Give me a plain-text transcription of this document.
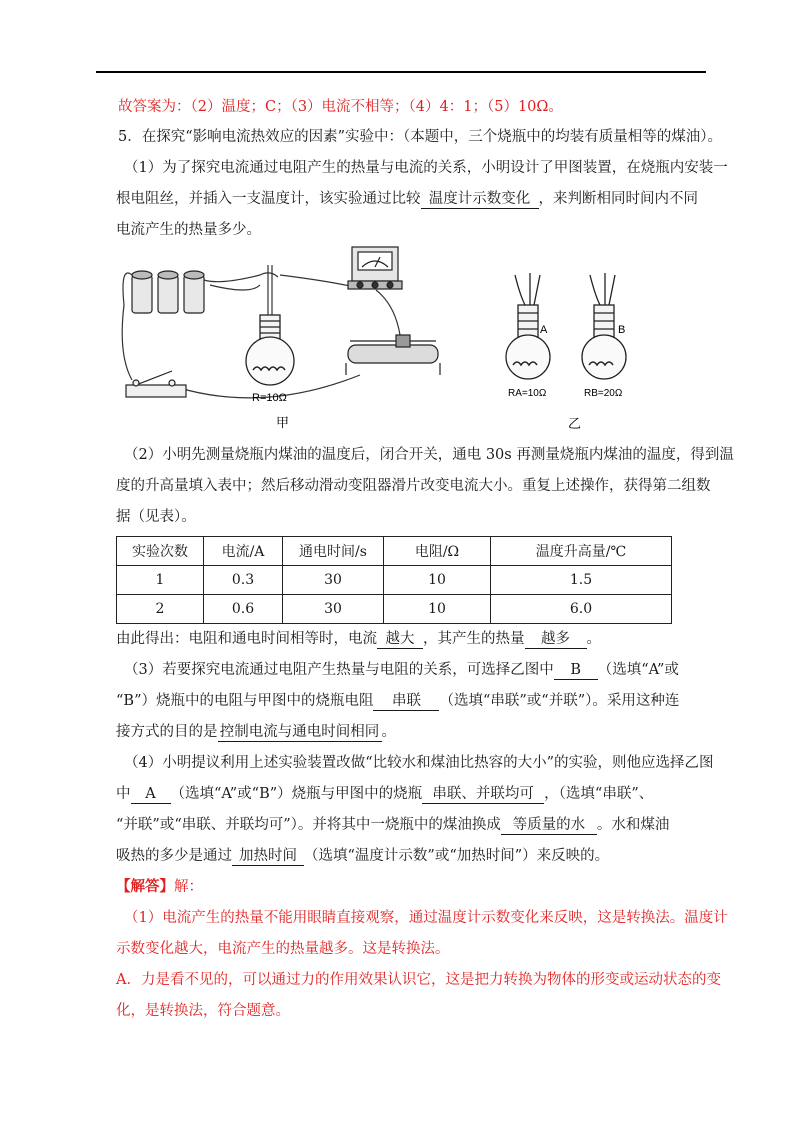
故答案为：（2）温度；C；（3）电流不相等；（4）4：1；（5）10Ω。
5．在探究“影响电流热效应的因素”实验中：（本题中，三个烧瓶中的均装有质量相等的煤油）。
（1）为了探究电流通过电阻产生的热量与电流的关系，小明设计了甲图装置，在烧瓶内安装一
根电阻丝，并插入一支温度计，该实验通过比较 温度计示数变化 ，来判断相同时间内不同
电流产生的热量多少。
R=10Ω
甲
A
RA=10Ω
B
RB=20Ω
乙
（2）小明先测量烧瓶内煤油的温度后，闭合开关，通电 30s 再测量烧瓶内煤油的温度，得到温
度的升高量填入表中；然后移动滑动变阻器滑片改变电流大小。重复上述操作，获得第二组数
据（见表）。
实验次数	电流/A	通电时间/s	电阻/Ω	温度升高量/℃
1	0.3	30	10	1.5
2	0.6	30	10	6.0
由此得出：电阻和通电时间相等时，电流 越大 ，其产生的热量 越多 。
（3）若要探究电流通过电阻产生热量与电阻的关系，可选择乙图中 B （选填“A”或
“B”）烧瓶中的电阻与甲图中的烧瓶电阻 串联 （选填“串联”或“并联”）。采用这种连
接方式的目的是 控制电流与通电时间相同 。
（4）小明提议利用上述实验装置改做“比较水和煤油比热容的大小”的实验，则他应选择乙图
中 A （选填“A”或“B”）烧瓶与甲图中的烧瓶 串联、并联均可 ，（选填“串联”、
“并联”或“串联、并联均可”）。并将其中一烧瓶中的煤油换成 等质量的水 。水和煤油
吸热的多少是通过 加热时间 （选填“温度计示数”或“加热时间”）来反映的。
【解答】解：
（1）电流产生的热量不能用眼睛直接观察，通过温度计示数变化来反映，这是转换法。温度计
示数变化越大，电流产生的热量越多。这是转换法。
A．力是看不见的，可以通过力的作用效果认识它，这是把力转换为物体的形变或运动状态的变
化，是转换法，符合题意。
